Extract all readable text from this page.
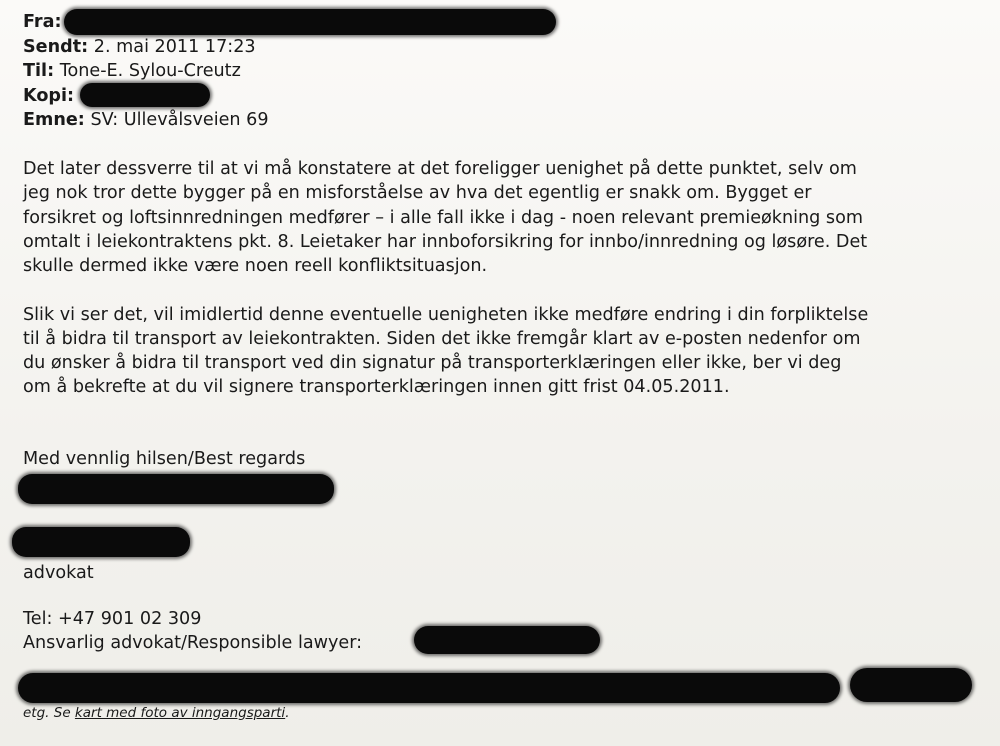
Fra:
Sendt: 2. mai 2011 17:23
Til: Tone-E. Sylou-Creutz
Kopi:
Emne: SV: Ullevålsveien 69
Det later dessverre til at vi må konstatere at det foreligger uenighet på dette punktet, selv om
jeg nok tror dette bygger på en misforståelse av hva det egentlig er snakk om. Bygget er
forsikret og loftsinnredningen medfører – i alle fall ikke i dag - noen relevant premieøkning som
omtalt i leiekontraktens pkt. 8. Leietaker har innboforsikring for innbo/innredning og løsøre. Det
skulle dermed ikke være noen reell konfliktsituasjon.
Slik vi ser det, vil imidlertid denne eventuelle uenigheten ikke medføre endring i din forpliktelse
til å bidra til transport av leiekontrakten. Siden det ikke fremgår klart av e-posten nedenfor om
du ønsker å bidra til transport ved din signatur på transporterklæringen eller ikke, ber vi deg
om å bekrefte at du vil signere transporterklæringen innen gitt frist 04.05.2011.
Med vennlig hilsen/Best regards
advokat
Tel: +47 901 02 309
Ansvarlig advokat/Responsible lawyer:
etg. Se kart med foto av inngangsparti.
